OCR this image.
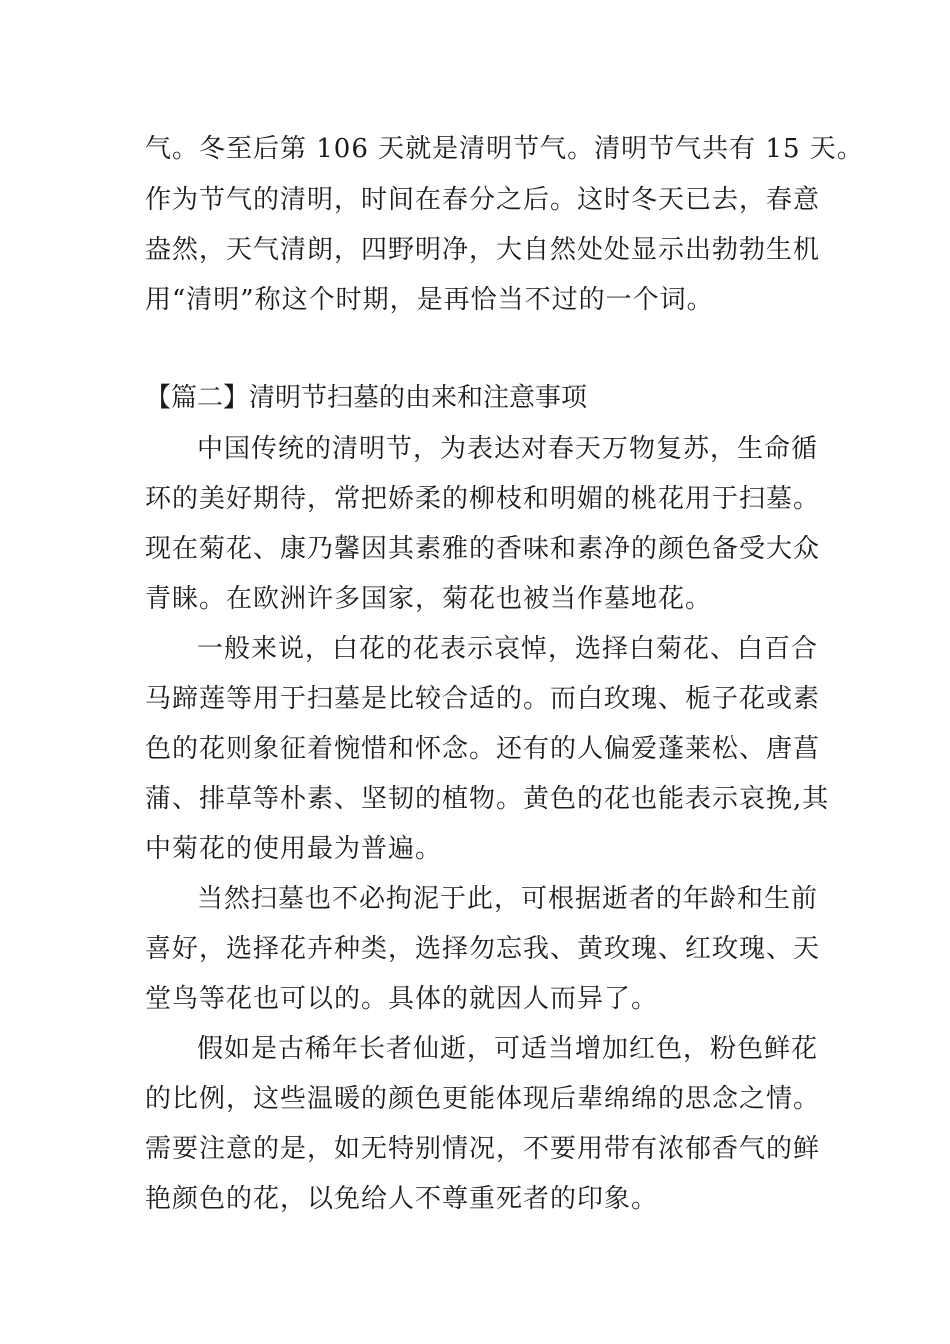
气。冬至后第 106 天就是清明节气。清明节气共有 15 天。
作为节气的清明，时间在春分之后。这时冬天已去，春意
盎然，天气清朗，四野明净，大自然处处显示出勃勃生机
用“清明”称这个时期，是再恰当不过的一个词。
【篇二】清明节扫墓的由来和注意事项
中国传统的清明节，为表达对春天万物复苏，生命循
环的美好期待，常把娇柔的柳枝和明媚的桃花用于扫墓。
现在菊花、康乃馨因其素雅的香味和素净的颜色备受大众
青睐。在欧洲许多国家，菊花也被当作墓地花。
一般来说，白花的花表示哀悼，选择白菊花、白百合
马蹄莲等用于扫墓是比较合适的。而白玫瑰、栀子花或素
色的花则象征着惋惜和怀念。还有的人偏爱蓬莱松、唐菖
蒲、排草等朴素、坚韧的植物。黄色的花也能表示哀挽,其
中菊花的使用最为普遍。
当然扫墓也不必拘泥于此，可根据逝者的年龄和生前
喜好，选择花卉种类，选择勿忘我、黄玫瑰、红玫瑰、天
堂鸟等花也可以的。具体的就因人而异了。
假如是古稀年长者仙逝，可适当增加红色，粉色鲜花
的比例，这些温暖的颜色更能体现后辈绵绵的思念之情。
需要注意的是，如无特别情况，不要用带有浓郁香气的鲜
艳颜色的花，以免给人不尊重死者的印象。
